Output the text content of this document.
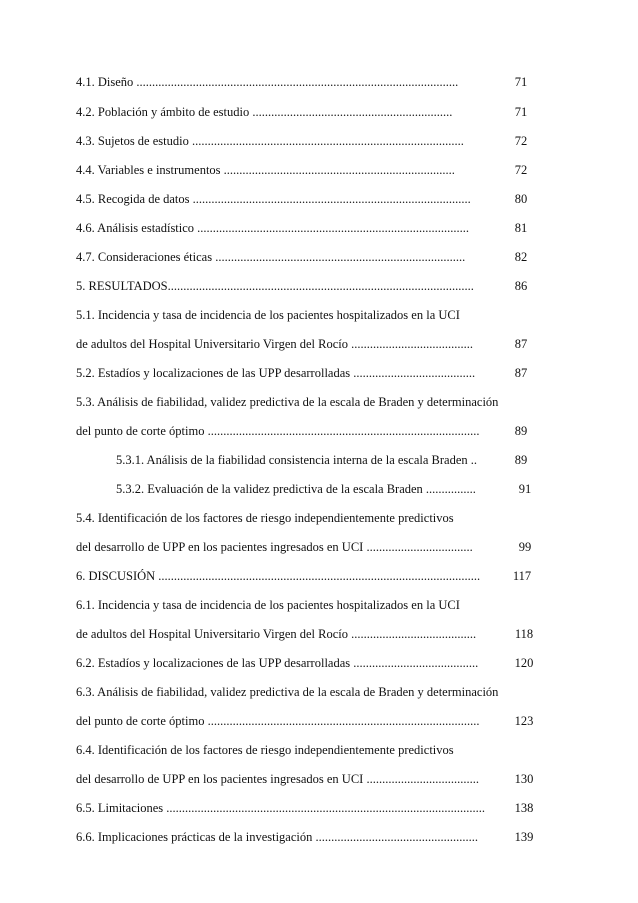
4.1. Diseño .......................................................................................................	71
4.2. Población y ámbito de estudio ................................................................	71
4.3. Sujetos de estudio .......................................................................................	72
4.4. Variables e instrumentos ..........................................................................	72
4.5. Recogida de datos .........................................................................................	80
4.6. Análisis estadístico .......................................................................................	81
4.7. Consideraciones éticas ................................................................................	82
5. RESULTADOS..................................................................................................	86
5.1. Incidencia y tasa de incidencia de los pacientes hospitalizados en la UCI
de adultos del Hospital Universitario Virgen del Rocío .......................................	87
5.2. Estadíos y localizaciones de las UPP desarrolladas .......................................	87
5.3. Análisis de fiabilidad, validez predictiva de la escala de Braden y determinación
del punto de corte óptimo .......................................................................................	89
5.3.1. Análisis de la fiabilidad consistencia interna de la escala Braden ..	89
5.3.2. Evaluación de la validez predictiva de la escala Braden ................	91
5.4. Identificación de los factores de riesgo independientemente predictivos
del desarrollo de UPP en los pacientes ingresados en UCI ..................................	99
6. DISCUSIÓN .......................................................................................................	117
6.1. Incidencia y tasa de incidencia de los pacientes hospitalizados en la UCI
de adultos del Hospital Universitario Virgen del Rocío ........................................	118
6.2. Estadíos y localizaciones de las UPP desarrolladas ........................................	120
6.3. Análisis de fiabilidad, validez predictiva de la escala de Braden y determinación
del punto de corte óptimo .......................................................................................	123
6.4. Identificación de los factores de riesgo independientemente predictivos
del desarrollo de UPP en los pacientes ingresados en UCI ....................................	130
6.5. Limitaciones ......................................................................................................	138
6.6. Implicaciones prácticas de la investigación ....................................................	139
